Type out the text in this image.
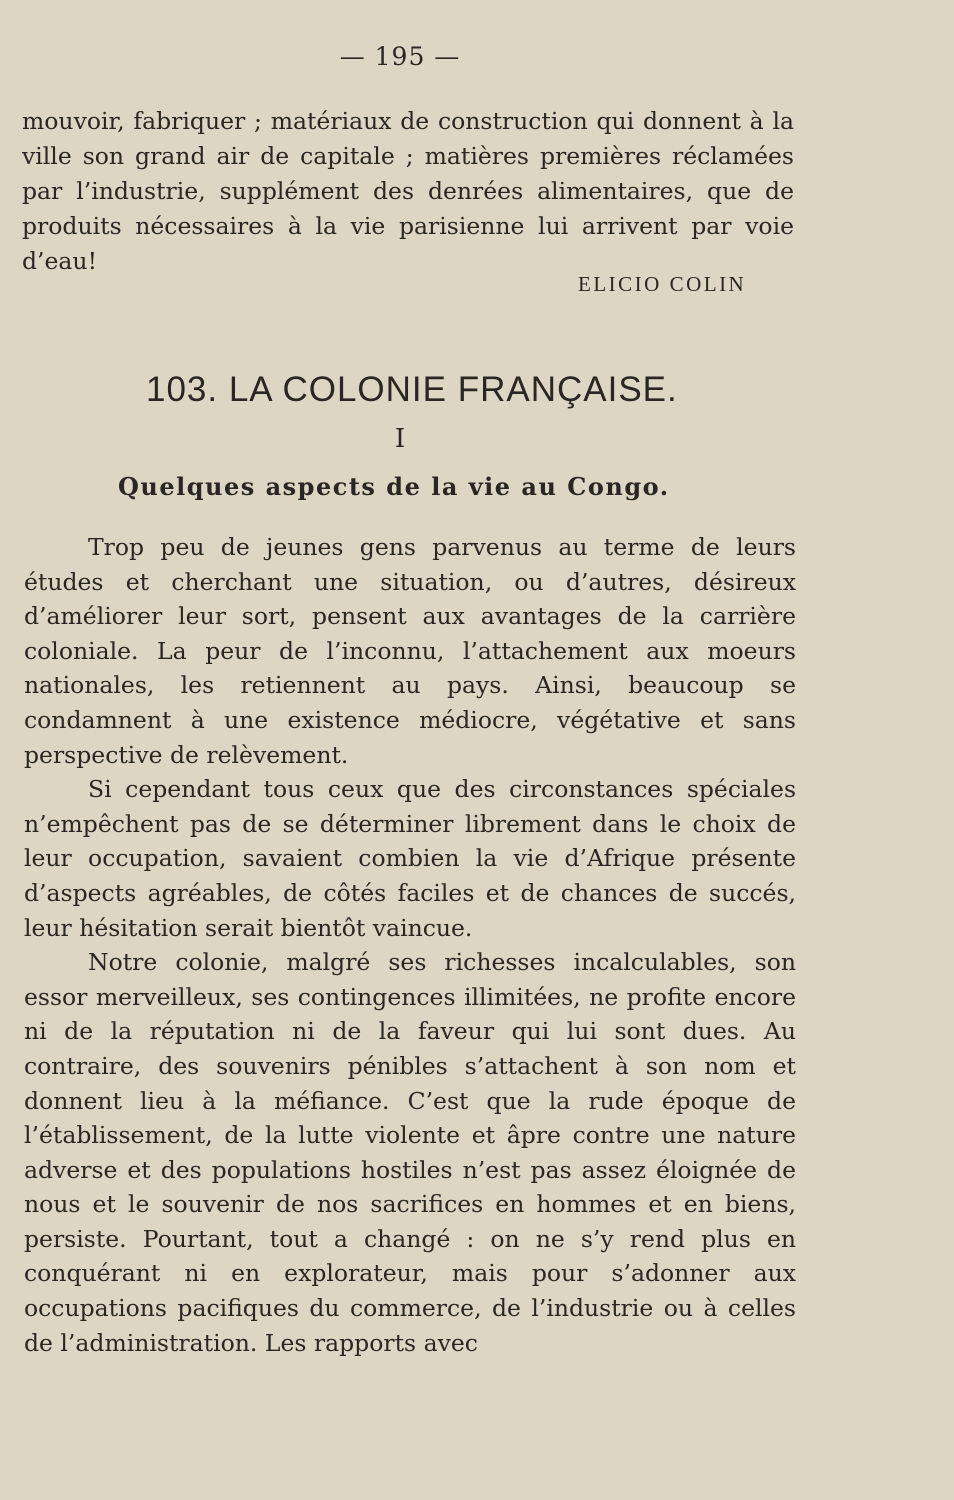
— 195 —

mouvoir, fabriquer ; matériaux de construction qui donnent à la ville son grand air de capitale ; matières premières réclamées par l’industrie, supplément des denrées alimentaires, que de produits nécessaires à la vie parisienne lui arrivent par voie d’eau!

ELICIO COLIN
103. LA COLONIE FRANÇAISE.
I
Quelques aspects de la vie au Congo.

Trop peu de jeunes gens parvenus au terme de leurs études et cherchant une situation, ou d’autres, désireux d’améliorer leur sort, pensent aux avantages de la carrière coloniale. La peur de l’inconnu, l’attachement aux moeurs nationales, les retiennent au pays. Ainsi, beaucoup se condamnent à une existence médiocre, végétative et sans perspective de relèvement.

Si cependant tous ceux que des circonstances spéciales n’empêchent pas de se déterminer librement dans le choix de leur occupation, savaient combien la vie d’Afrique présente d’aspects agréables, de côtés faciles et de chances de succés, leur hésitation serait bientôt vaincue.

Notre colonie, malgré ses richesses incalculables, son essor merveilleux, ses contingences illimitées, ne profite encore ni de la réputation ni de la faveur qui lui sont dues. Au contraire, des souvenirs pénibles s’attachent à son nom et donnent lieu à la méfiance. C’est que la rude époque de l’établissement, de la lutte violente et âpre contre une nature adverse et des populations hostiles n’est pas assez éloignée de nous et le souvenir de nos sacrifices en hommes et en biens, persiste. Pourtant, tout a changé : on ne s’y rend plus en conquérant ni en explorateur, mais pour s’adonner aux occupations pacifiques du commerce, de l’industrie ou à celles de l’administration. Les rapports avec
